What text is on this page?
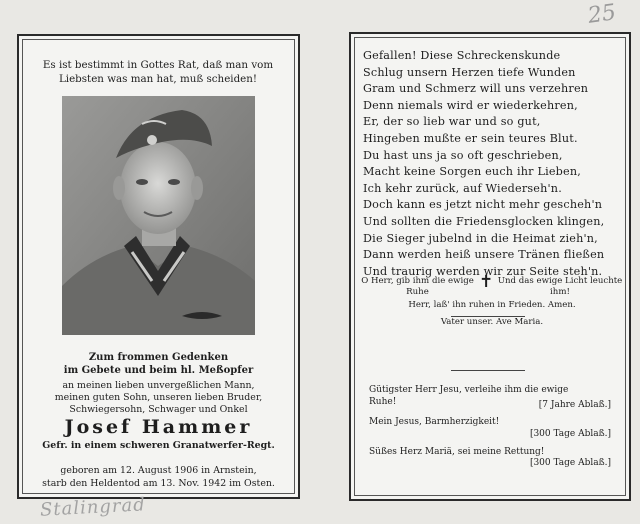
25
Es ist bestimmt in Gottes Rat, daß man vom
Liebsten was man hat, muß scheiden!
Zum frommen Gedenken
im Gebete und beim hl. Meßopfer
an meinen lieben unvergeßlichen Mann,
meinen guten Sohn, unseren lieben Bruder,
Schwiegersohn, Schwager und Onkel
Josef Hammer
Gefr. in einem schweren Granatwerfer-Regt.
geboren am 12. August 1906 in Arnstein,
starb den Heldentod am 13. Nov. 1942 im Osten.
Gefallen! Diese Schreckenskunde
Schlug unsern Herzen tiefe Wunden
Gram und Schmerz will uns verzehren
Denn niemals wird er wiederkehren,
Er, der so lieb war und so gut,
Hingeben mußte er sein teures Blut.
Du hast uns ja so oft geschrieben,
Macht keine Sorgen euch ihr Lieben,
Ich kehr zurück, auf Wiederseh'n.
Doch kann es jetzt nicht mehr gescheh'n
Und sollten die Friedensglocken klingen,
Die Sieger jubelnd in die Heimat zieh'n,
Dann werden heiß unsere Tränen fließen
Und traurig werden wir zur Seite steh'n.
O Herr, gib ihm die ewige Ruhe	✝ Und das ewige Licht leuchte ihm!
Herr, laß' ihn ruhen in Frieden. Amen.
Vater unser. Ave Maria.
Gütigster Herr Jesu, verleihe ihm die ewige
Ruhe!	[7 Jahre Ablaß.]
Mein Jesus, Barmherzigkeit!
[300 Tage Ablaß.]
Süßes Herz Mariä, sei meine Rettung!
[300 Tage Ablaß.]
Stalingrad
